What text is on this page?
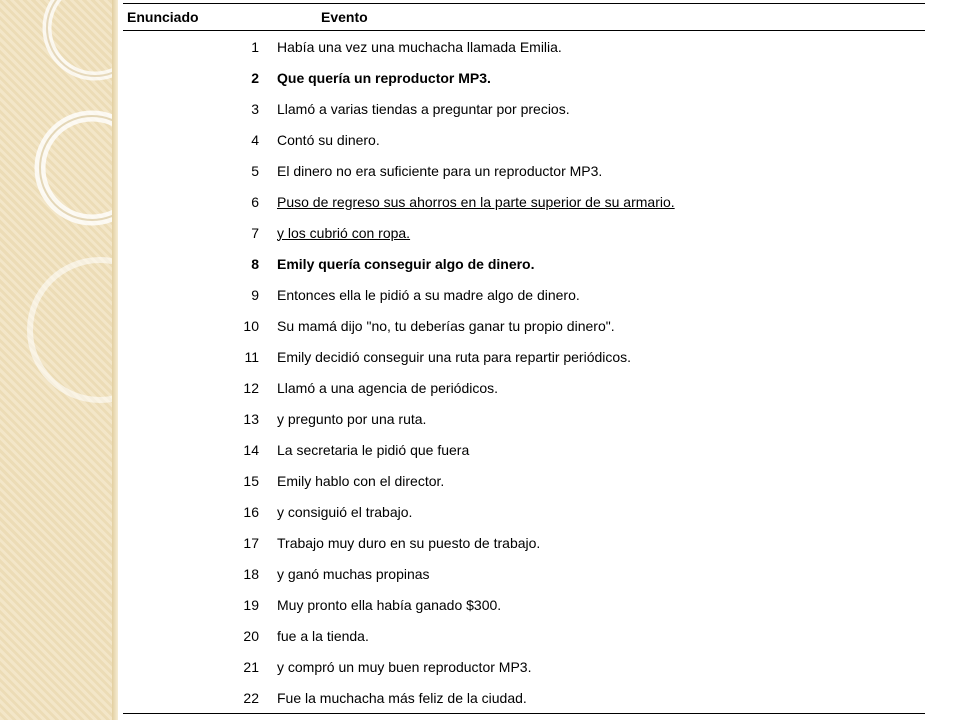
Enunciado	Evento
1	Había una vez una muchacha llamada Emilia.
2	Que quería un reproductor MP3.
3	Llamó a varias tiendas a preguntar por precios.
4	Contó su dinero.
5	El dinero no era suficiente para un reproductor MP3.
6	Puso de regreso sus ahorros en la parte superior de su armario.
7	y los cubrió con ropa.
8	Emily quería conseguir algo de dinero.
9	Entonces ella le pidió a su madre algo de dinero.
10	Su mamá dijo "no, tu deberías ganar tu propio dinero".
11	Emily decidió conseguir una ruta para repartir periódicos.
12	Llamó a una agencia de periódicos.
13	y pregunto por una ruta.
14	La secretaria le pidió que fuera
15	Emily hablo con el director.
16	y consiguió el trabajo.
17	Trabajo muy duro en su puesto de trabajo.
18	y ganó muchas propinas
19	Muy pronto ella había ganado $300.
20	fue a la tienda.
21	y compró un muy buen reproductor MP3.
22	Fue la muchacha más feliz de la ciudad.
